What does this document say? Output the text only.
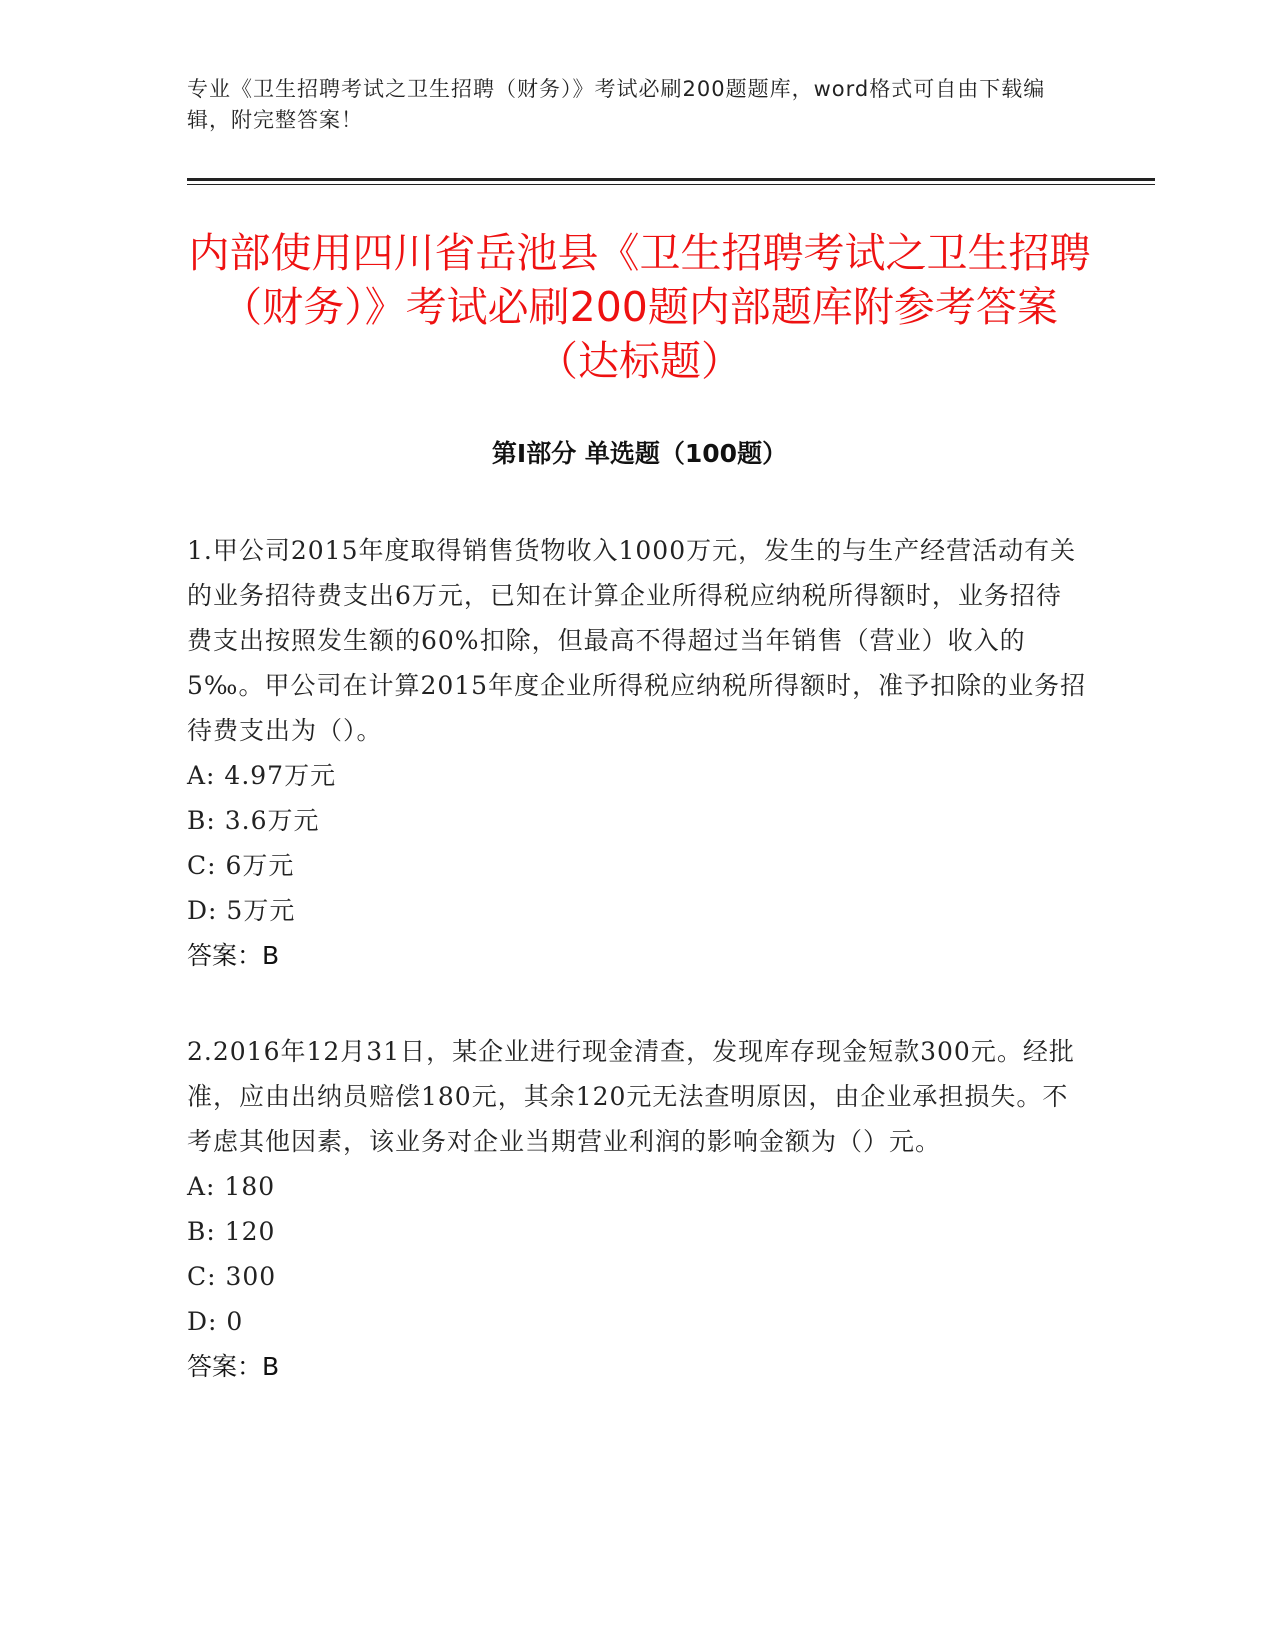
专业《卫生招聘考试之卫生招聘（财务）》考试必刷200题题库，word格式可自由下载编辑，附完整答案！
内部使用四川省岳池县《卫生招聘考试之卫生招聘（财务）》考试必刷200题内部题库附参考答案（达标题）
第Ⅰ部分 单选题（100题）

1.甲公司2015年度取得销售货物收入1000万元，发生的与生产经营活动有关的业务招待费支出6万元，已知在计算企业所得税应纳税所得额时，业务招待费支出按照发生额的60%扣除，但最高不得超过当年销售（营业）收入的5‰。甲公司在计算2015年度企业所得税应纳税所得额时，准予扣除的业务招待费支出为（）。

A: 4.97万元

B: 3.6万元

C: 6万元

D: 5万元

答案：B

2.2016年12月31日，某企业进行现金清查，发现库存现金短款300元。经批准，应由出纳员赔偿180元，其余120元无法查明原因，由企业承担损失。不考虑其他因素，该业务对企业当期营业利润的影响金额为（）元。

A: 180

B: 120

C: 300

D: 0

答案：B
